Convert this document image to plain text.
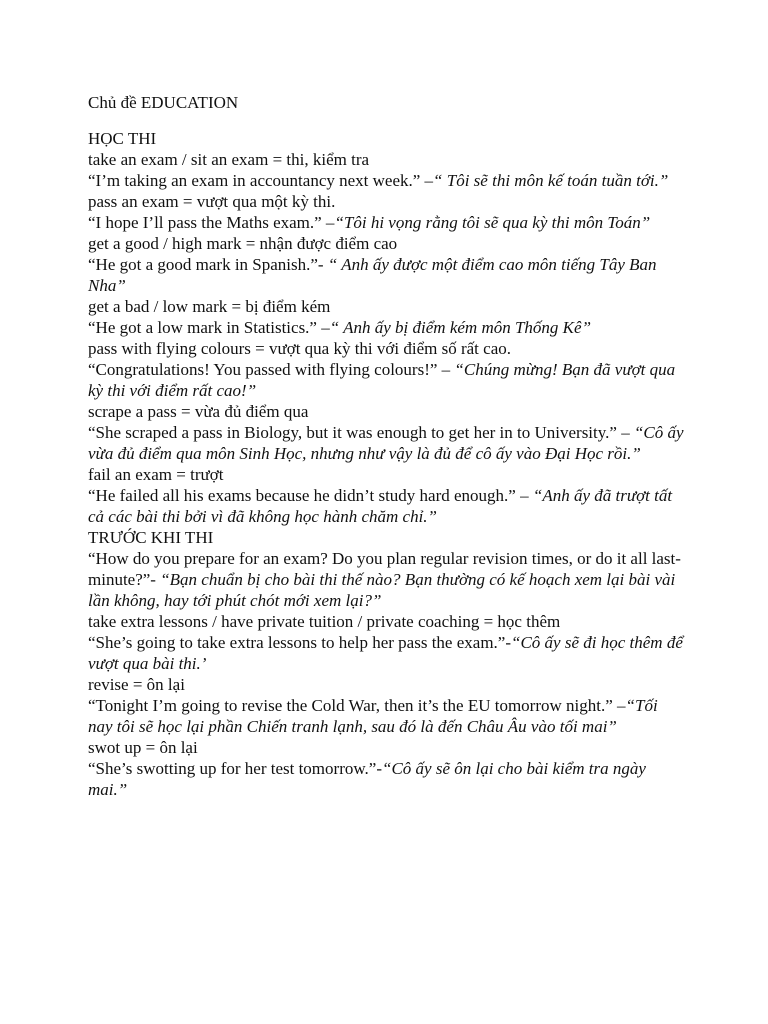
Chủ đề EDUCATION
HỌC THI
take an exam / sit an exam = thi, kiểm tra
“I’m taking an exam in accountancy next week.” –“ Tôi sẽ thi môn kế toán tuần tới.”
pass an exam = vượt qua một kỳ thi.
“I hope I’ll pass the Maths exam.” –“Tôi hi vọng rằng tôi sẽ qua kỳ thi môn Toán”
get a good / high mark = nhận được điểm cao
“He got a good mark in Spanish.”- “ Anh ấy được một điểm cao môn tiếng Tây Ban Nha”
get a bad / low mark = bị điểm kém
“He got a low mark in Statistics.” –“ Anh ấy bị điểm kém môn Thống Kê”
pass with flying colours = vượt qua kỳ thi với điểm số rất cao.
“Congratulations! You passed with flying colours!” – “Chúng mừng! Bạn đã vượt qua kỳ thi với điểm rất cao!”
scrape a pass = vừa đủ điểm qua
“She scraped a pass in Biology, but it was enough to get her in to University.” – “Cô ấy vừa đủ điểm qua môn Sinh Học, nhưng như vậy là đủ để cô ấy vào Đại Học rồi.”
fail an exam = trượt
“He failed all his exams because he didn’t study hard enough.” – “Anh ấy đã trượt tất cả các bài thi bởi vì đã không học hành chăm chỉ.”
TRƯỚC KHI THI
“How do you prepare for an exam? Do you plan regular revision times, or do it all last-minute?”- “Bạn chuẩn bị cho bài thi thế nào? Bạn thường có kế hoạch xem lại bài vài lần không, hay tới phút chót mới xem lại?”
take extra lessons / have private tuition / private coaching = học thêm
“She’s going to take extra lessons to help her pass the exam.”-“Cô ấy sẽ đi học thêm để vượt qua bài thi.’
revise = ôn lại
“Tonight I’m going to revise the Cold War, then it’s the EU tomorrow night.” –“Tối nay tôi sẽ học lại phần Chiến tranh lạnh, sau đó là đến Châu Âu vào tối mai”
swot up = ôn lại
“She’s swotting up for her test tomorrow.”-“Cô ấy sẽ ôn lại cho bài kiểm tra ngày mai.”
